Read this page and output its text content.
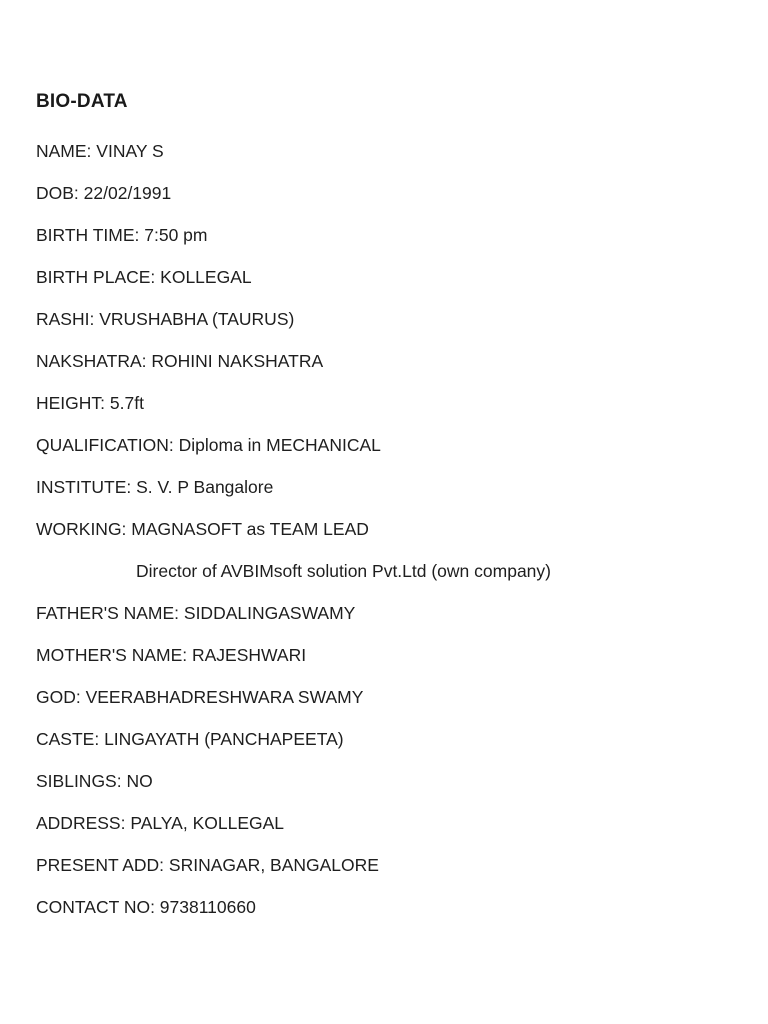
BIO-DATA
NAME: VINAY S
DOB: 22/02/1991
BIRTH TIME: 7:50 pm
BIRTH PLACE: KOLLEGAL
RASHI: VRUSHABHA (TAURUS)
NAKSHATRA: ROHINI NAKSHATRA
HEIGHT: 5.7ft
QUALIFICATION: Diploma in MECHANICAL
INSTITUTE: S. V. P Bangalore
WORKING: MAGNASOFT as TEAM LEAD
Director of AVBIMsoft solution Pvt.Ltd (own company)
FATHER'S NAME: SIDDALINGASWAMY
MOTHER'S NAME: RAJESHWARI
GOD: VEERABHADRESHWARA SWAMY
CASTE: LINGAYATH (PANCHAPEETA)
SIBLINGS: NO
ADDRESS: PALYA, KOLLEGAL
PRESENT ADD: SRINAGAR, BANGALORE
CONTACT NO: 9738110660
